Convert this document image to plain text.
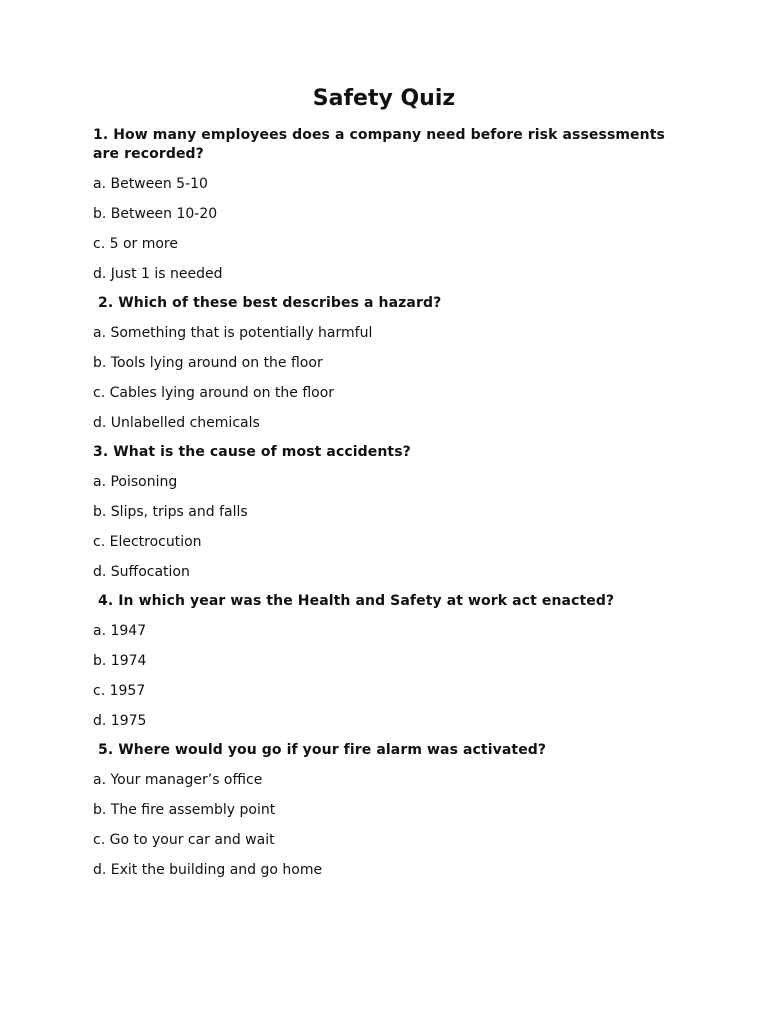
Safety Quiz

1. How many employees does a company need before risk assessments are recorded?

a. Between 5-10

b. Between 10-20

c. 5 or more

d. Just 1 is needed

2. Which of these best describes a hazard?

a. Something that is potentially harmful

b. Tools lying around on the floor

c. Cables lying around on the floor

d. Unlabelled chemicals

3. What is the cause of most accidents?

a. Poisoning

b. Slips, trips and falls

c. Electrocution

d. Suffocation

4. In which year was the Health and Safety at work act enacted?

a. 1947

b. 1974

c. 1957

d. 1975

5. Where would you go if your fire alarm was activated?

a. Your manager’s office

b. The fire assembly point

c. Go to your car and wait

d. Exit the building and go home
